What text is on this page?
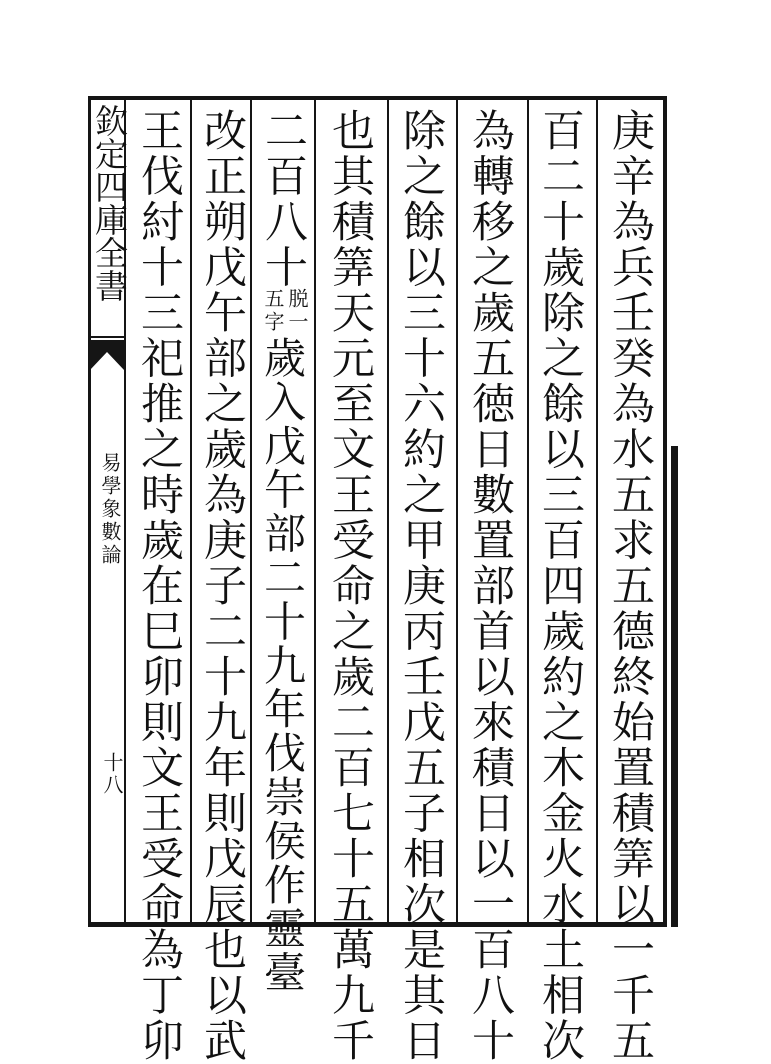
欽定四庫全書
易學象數論
十八	庚辛為兵壬癸為水五求五德終始置積筭以一千五
百二十歲除之餘以三百四歲約之木金火水土相次
為轉移之歲五徳日數置部首以來積日以一百八十
除之餘以三十六約之甲庚丙壬戊五子相次是其日
也其積筭天元至文王受命之歲二百七十五萬九千
二百八十
脱一
五字
歲入戊午部二十九年伐崇侯作靈臺
改正朔戊午部之歲為庚子二十九年則戊辰也以武
王伐紂十三祀推之時歲在巳卯則文王受命為丁卯
